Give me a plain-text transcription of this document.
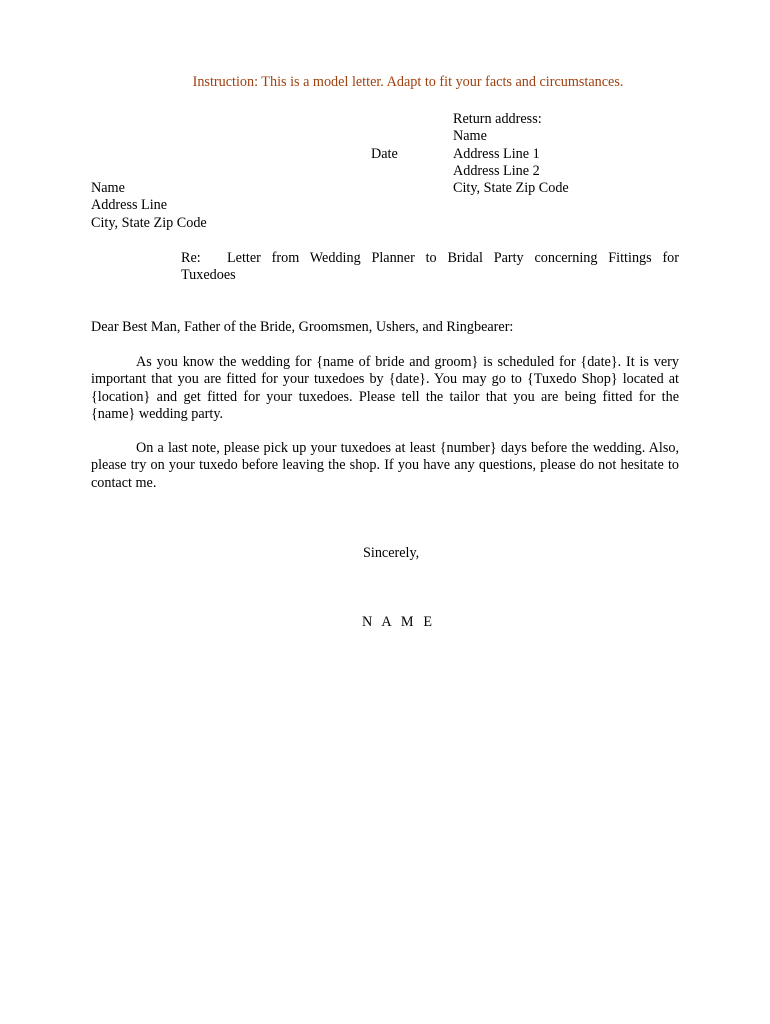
Instruction: This is a model letter. Adapt to fit your facts and circumstances.

Date

Return address:
Name
Address Line 1
Address Line 2
City, State Zip Code
Name
Address Line
City, State Zip Code
Re: Letter from Wedding Planner to Bridal Party concerning Fittings for
Tuxedoes

Dear Best Man, Father of the Bride, Groomsmen, Ushers, and Ringbearer:

As you know the wedding for {name of bride and groom} is scheduled for {date}. It is very important that you are fitted for your tuxedoes by {date}. You may go to {Tuxedo Shop} located at {location} and get fitted for your tuxedoes. Please tell the tailor that you are being fitted for the {name} wedding party.

On a last note, please pick up your tuxedoes at least {number} days before the wedding. Also, please try on your tuxedo before leaving the shop. If you have any questions, please do not hesitate to contact me.

Sincerely,

N A M E
